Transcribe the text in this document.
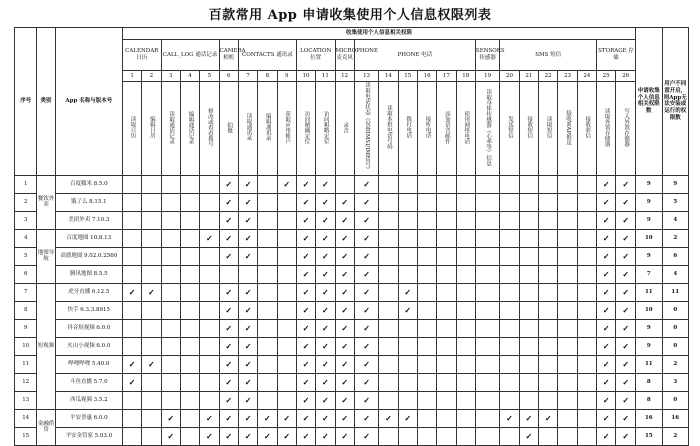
百款常用 App 申请收集使用个人信息权限列表
序号	类别	App 名称与版本号	收集使用个人信息相关权限																										申请收集个人信息相关权限数	用户不同意开启，则App无法安装或运行的权限数
			CALENDAR 日历		CALL_LOG 通话记录			CAMERA 相机	CONTACTS 通讯录			LOCATION 位置		MICROPHONE 麦克风	PHONE 电话						SENSORS 传感器	SMS 短信					STORAGE 存储			
			1	2	3	4	5	6	7	8	9	10	11	12	13	14	15	16	17	18	19	20	21	22	23	24	25	26		
			读取日历	编辑日历	读取通话记录	编辑通话记录	修改或查看拨号	拍摄	读取通讯录	编辑通讯录	获取应用账户	访问精确定位	访问粗略定位	录音	读取电话状态（设备IMSI/IMEI号）	读取本机电话号码	拨打电话	接听电话	添加语音邮件	使用网络电话	读取身体传感器（心率等）信息	发送短信	接收短信	读取短信	接收WAP推送	接收彩信	读取外置存储器	写入外置存储器		
1	餐饮外卖	百度糯米 8.5.0						✓	✓		✓	✓	✓		✓												✓	✓	9	9
2		饿了么 8.15.1						✓	✓			✓	✓	✓	✓												✓	✓	9	5
3		美团外卖 7.10.3						✓	✓			✓	✓	✓	✓												✓	✓	9	4
4	地图导航	百度地图 10.8.13					✓	✓	✓			✓	✓	✓	✓												✓	✓	10	2
5		高德地图 9.02.0.2560						✓	✓			✓	✓	✓	✓												✓	✓	9	6
6		腾讯地图 8.5.5										✓	✓	✓	✓												✓	✓	7	4
7	短视频	虎牙直播 6.12.5	✓	✓				✓	✓			✓	✓	✓	✓		✓										✓	✓	11	11
8		快手 6.3.3.8915						✓	✓			✓	✓	✓	✓		✓										✓	✓	10	0
9		抖音短视频 6.0.0						✓	✓			✓	✓	✓	✓												✓	✓	9	0
10		火山小视频 6.0.0						✓	✓			✓	✓	✓	✓												✓	✓	9	0
11		哔哩哔哩 5.40.0	✓	✓				✓	✓			✓	✓	✓	✓												✓	✓	11	2
12		斗鱼直播 5.7.0	✓					✓	✓			✓	✓	✓	✓												✓	✓	8	3
13		西瓜视频 3.5.2						✓	✓			✓	✓	✓	✓												✓	✓	8	0
14	金融借贷	平安普惠 6.0.0			✓		✓	✓	✓	✓	✓	✓	✓	✓	✓	✓	✓					✓	✓	✓			✓	✓	16	16
15		平安金管家 5.03.0			✓		✓	✓	✓	✓	✓	✓	✓	✓	✓								✓				✓	✓	15	2
